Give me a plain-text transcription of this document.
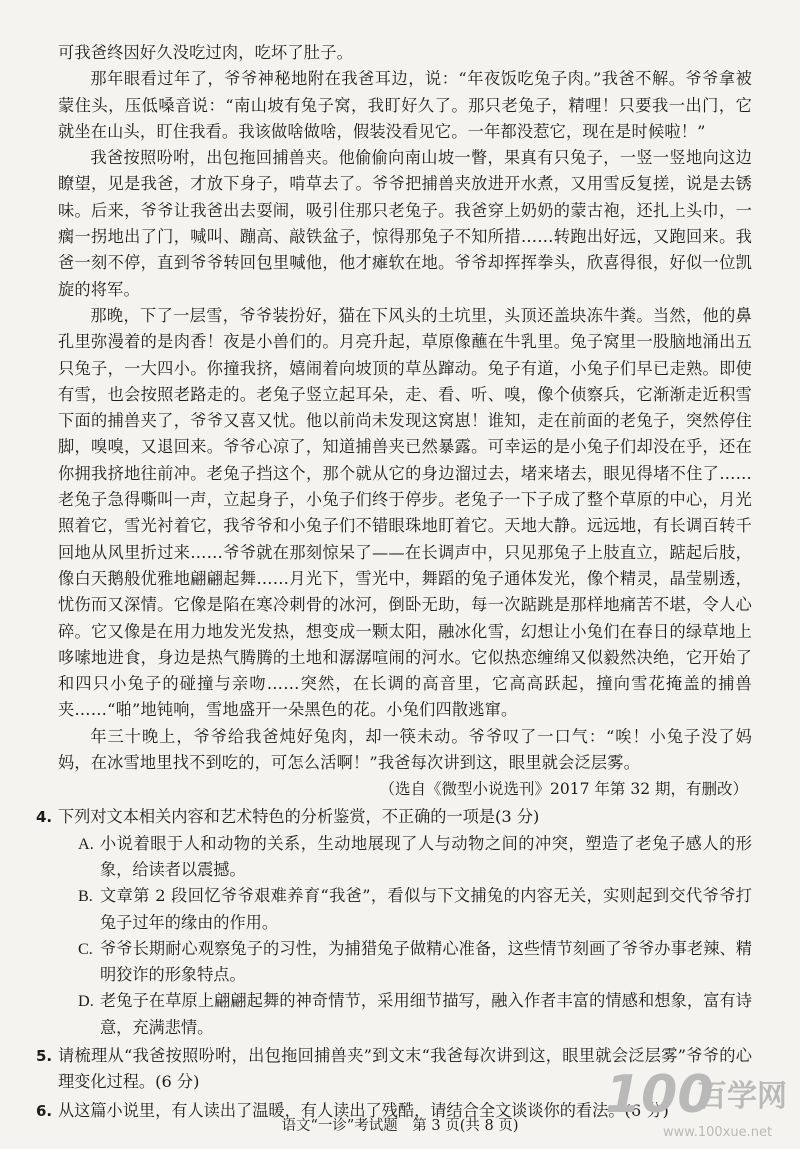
可我爸终因好久没吃过肉，吃坏了肚子。

那年眼看过年了，爷爷神秘地附在我爸耳边，说：“年夜饭吃兔子肉。”我爸不解。爷爷拿被蒙住头，压低嗓音说：“南山坡有兔子窝，我盯好久了。那只老兔子，精哩！只要我一出门，它就坐在山头，盯住我看。我该做啥做啥，假装没看见它。一年都没惹它，现在是时候啦！”

我爸按照吩咐，出包拖回捕兽夹。他偷偷向南山坡一瞥，果真有只兔子，一竖一竖地向这边瞭望，见是我爸，才放下身子，啃草去了。爷爷把捕兽夹放进开水煮，又用雪反复搓，说是去锈味。后来，爷爷让我爸出去耍闹，吸引住那只老兔子。我爸穿上奶奶的蒙古袍，还扎上头巾，一瘸一拐地出了门，喊叫、蹦高、敲铁盆子，惊得那兔子不知所措……转跑出好远，又跑回来。我爸一刻不停，直到爷爷转回包里喊他，他才瘫软在地。爷爷却挥挥拳头，欣喜得很，好似一位凯旋的将军。

那晚，下了一层雪，爷爷装扮好，猫在下风头的土坑里，头顶还盖块冻牛粪。当然，他的鼻孔里弥漫着的是肉香！夜是小兽们的。月亮升起，草原像蘸在牛乳里。兔子窝里一股脑地涌出五只兔子，一大四小。你撞我挤，嬉闹着向坡顶的草丛蹿动。兔子有道，小兔子们早已走熟。即使有雪，也会按照老路走的。老兔子竖立起耳朵，走、看、听、嗅，像个侦察兵，它渐渐走近积雪下面的捕兽夹了，爷爷又喜又忧。他以前尚未发现这窝崽！谁知，走在前面的老兔子，突然停住脚，嗅嗅，又退回来。爷爷心凉了，知道捕兽夹已然暴露。可幸运的是小兔子们却没在乎，还在你拥我挤地往前冲。老兔子挡这个，那个就从它的身边溜过去，堵来堵去，眼见得堵不住了……老兔子急得嘶叫一声，立起身子，小兔子们终于停步。老兔子一下子成了整个草原的中心，月光照着它，雪光衬着它，我爷爷和小兔子们不错眼珠地盯着它。天地大静。远远地，有长调百转千回地从风里折过来……爷爷就在那刻惊呆了——在长调声中，只见那兔子上肢直立，踮起后肢，像白天鹅般优雅地翩翩起舞……月光下，雪光中，舞蹈的兔子通体发光，像个精灵，晶莹剔透，忧伤而又深情。它像是陷在寒冷刺骨的冰河，倒卧无助，每一次踮跳是那样地痛苦不堪，令人心碎。它又像是在用力地发光发热，想变成一颗太阳，融冰化雪，幻想让小兔们在春日的绿草地上哆嗦地进食，身边是热气腾腾的土地和潺潺喧闹的河水。它似热恋缠绵又似毅然决绝，它开始了和四只小兔子的碰撞与亲吻……突然，在长调的高音里，它高高跃起，撞向雪花掩盖的捕兽夹……“啪”地钝响，雪地盛开一朵黑色的花。小兔们四散逃窜。

年三十晚上，爷爷给我爸炖好兔肉，却一筷未动。爷爷叹了一口气：“唉！小兔子没了妈妈，在冰雪地里找不到吃的，可怎么活啊！”我爸每次讲到这，眼里就会泛层雾。

（选自《微型小说选刊》2017 年第 32 期，有删改）

4. 下列对文本相关内容和艺术特色的分析鉴赏，不正确的一项是(3 分)
A. 小说着眼于人和动物的关系，生动地展现了人与动物之间的冲突，塑造了老兔子感人的形象，给读者以震撼。
B. 文章第 2 段回忆爷爷艰难养育“我爸”，看似与下文捕兔的内容无关，实则起到交代爷爷打兔子过年的缘由的作用。
C. 爷爷长期耐心观察兔子的习性，为捕猎兔子做精心准备，这些情节刻画了爷爷办事老辣、精明狡诈的形象特点。
D. 老兔子在草原上翩翩起舞的神奇情节，采用细节描写，融入作者丰富的情感和想象，富有诗意，充满悲情。
5. 请梳理从“我爸按照吩咐，出包拖回捕兽夹”到文末“我爸每次讲到这，眼里就会泛层雾”爷爷的心理变化过程。(6 分)
6. 从这篇小说里，有人读出了温暖，有人读出了残酷，请结合全文谈谈你的看法。(6 分)
语文“一诊”考试题　第 3 页(共 8 页)
100
百学网
www.100xue.net
